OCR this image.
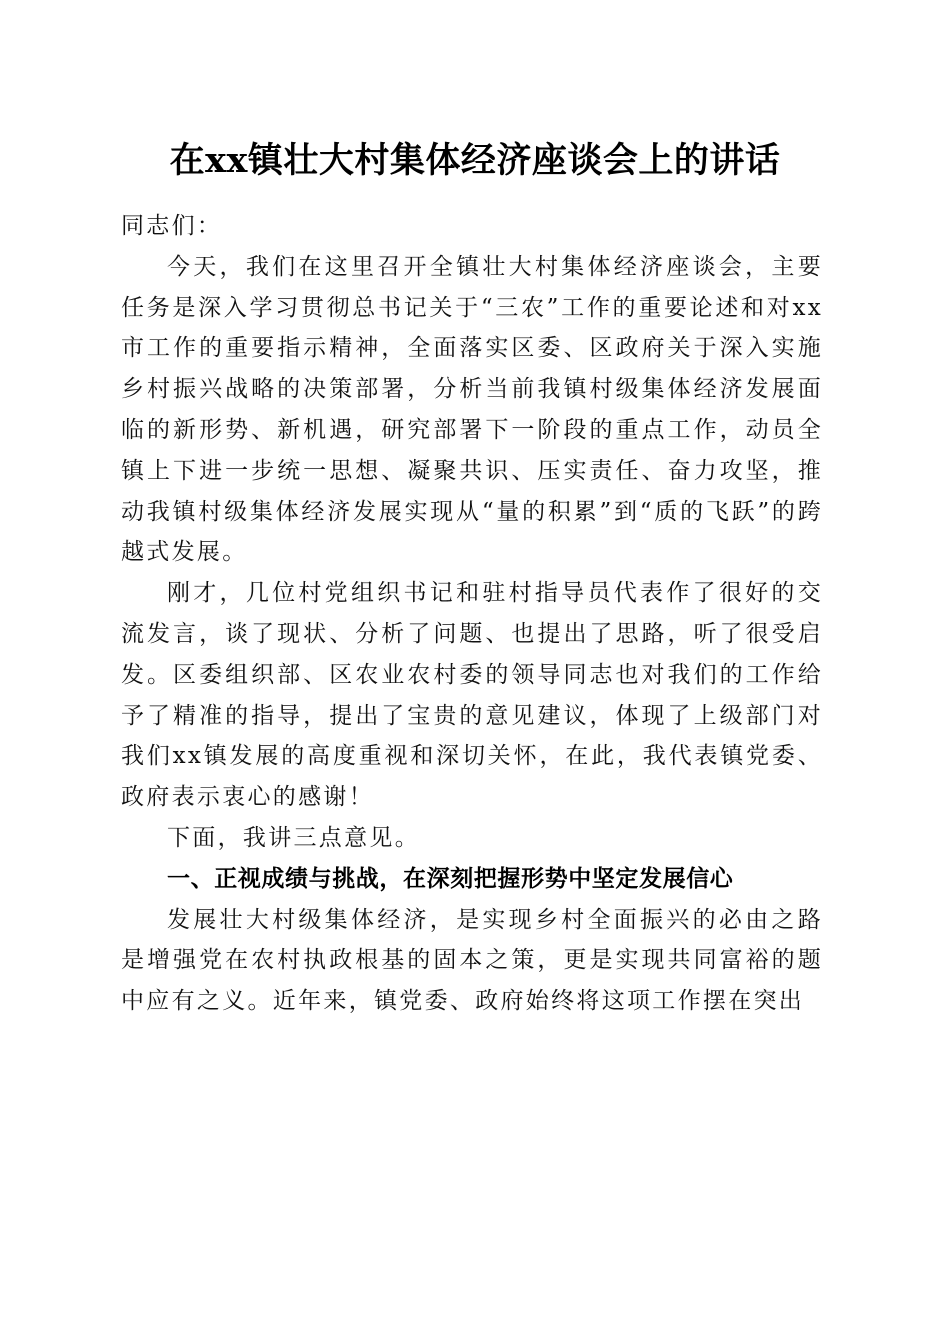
在xx镇壮大村集体经济座谈会上的讲话

同志们：

今天，我们在这里召开全镇壮大村集体经济座谈会，主要任务是深入学习贯彻总书记关于“三农”工作的重要论述和对xx市工作的重要指示精神，全面落实区委、区政府关于深入实施乡村振兴战略的决策部署，分析当前我镇村级集体经济发展面临的新形势、新机遇，研究部署下一阶段的重点工作，动员全镇上下进一步统一思想、凝聚共识、压实责任、奋力攻坚，推动我镇村级集体经济发展实现从“量的积累”到“质的飞跃”的跨越式发展。

刚才，几位村党组织书记和驻村指导员代表作了很好的交流发言，谈了现状、分析了问题、也提出了思路，听了很受启发。区委组织部、区农业农村委的领导同志也对我们的工作给予了精准的指导，提出了宝贵的意见建议，体现了上级部门对我们xx镇发展的高度重视和深切关怀，在此，我代表镇党委、政府表示衷心的感谢！

下面，我讲三点意见。

一、正视成绩与挑战，在深刻把握形势中坚定发展信心

发展壮大村级集体经济，是实现乡村全面振兴的必由之路是增强党在农村执政根基的固本之策，更是实现共同富裕的题中应有之义。近年来，镇党委、政府始终将这项工作摆在突出
